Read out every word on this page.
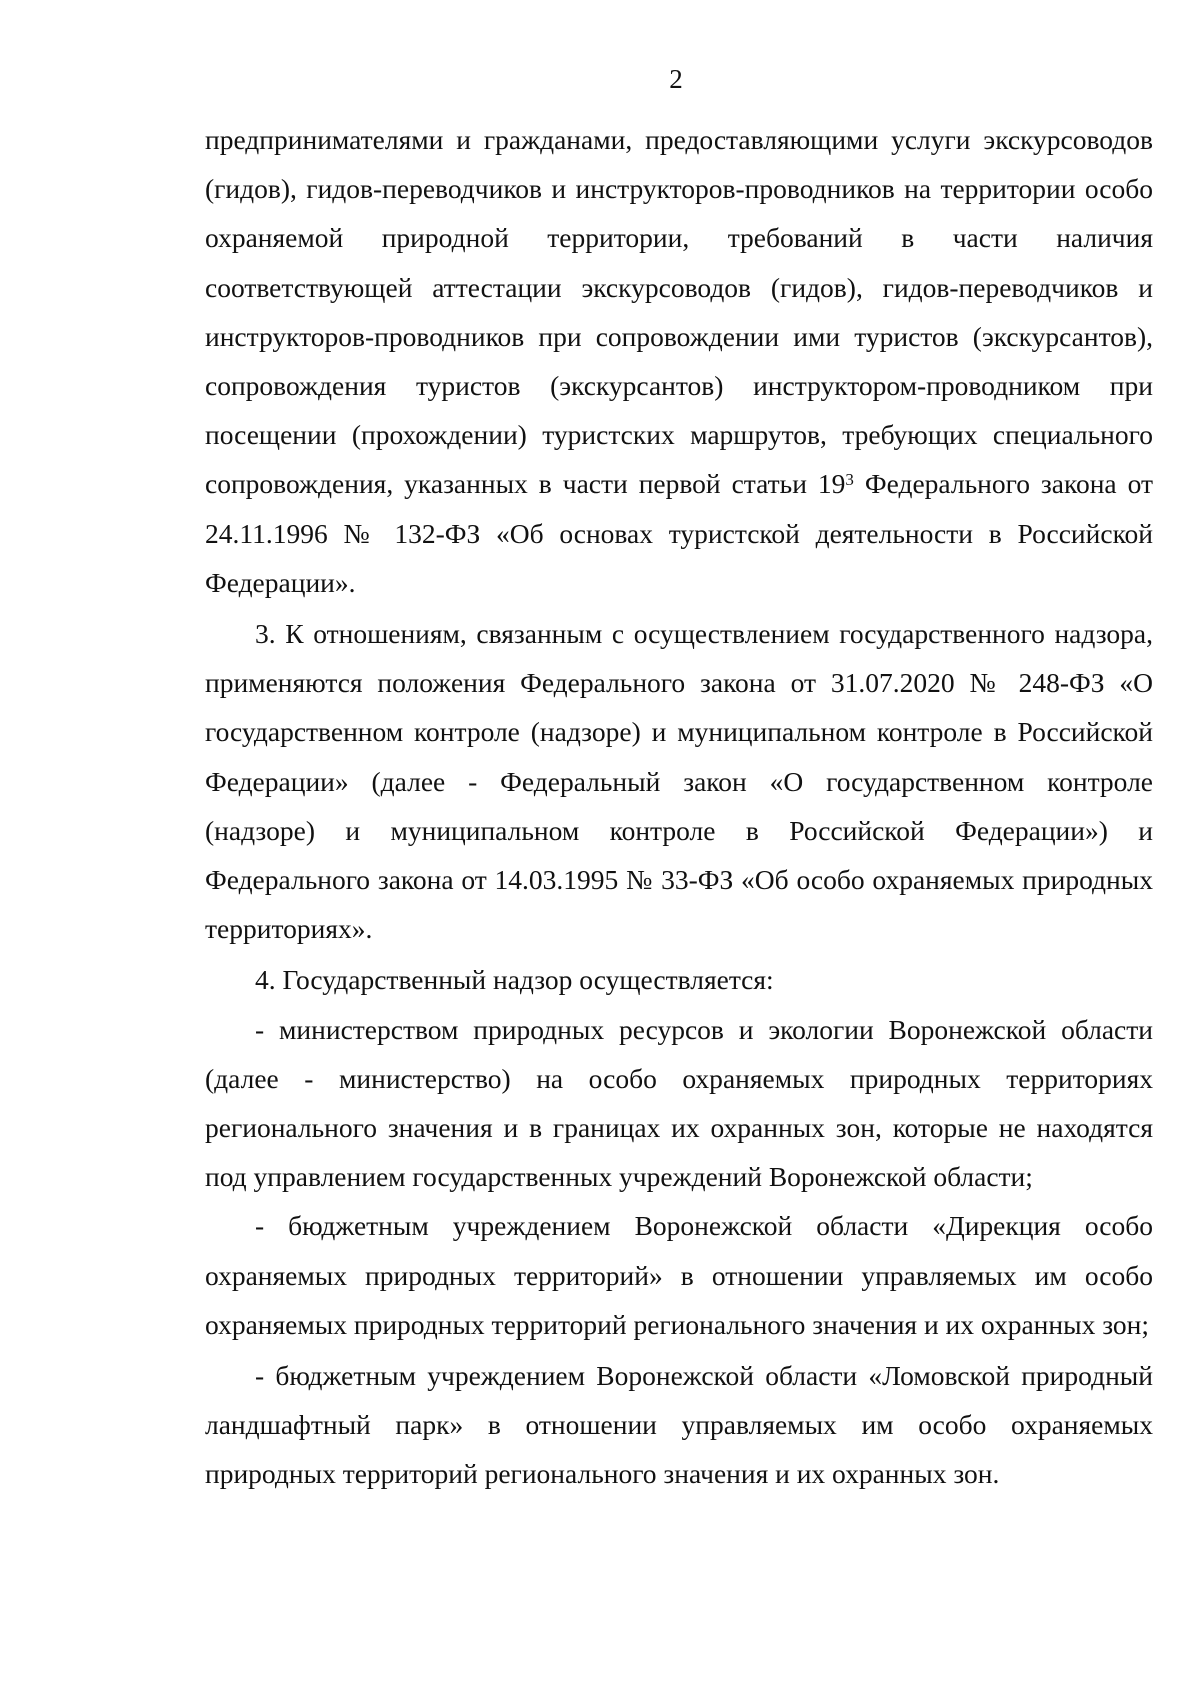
2

предпринимателями и гражданами, предоставляющими услуги экскурсоводов (гидов), гидов-переводчиков и инструкторов-проводников на территории особо охраняемой природной территории, требований в части наличия соответствующей аттестации экскурсоводов (гидов), гидов-переводчиков и инструкторов-проводников при сопровождении ими туристов (экскурсантов), сопровождения туристов (экскурсантов) инструктором-проводником при посещении (прохождении) туристских маршрутов, требующих специального сопровождения, указанных в части первой статьи $19^3$ Федерального закона от 24.11.1996 № 132-ФЗ «Об основах туристской деятельности в Российской Федерации».

3. К отношениям, связанным с осуществлением государственного надзора, применяются положения Федерального закона от 31.07.2020 № 248-ФЗ «О государственном контроле (надзоре) и муниципальном контроле в Российской Федерации» (далее - Федеральный закон «О государственном контроле (надзоре) и муниципальном контроле в Российской Федерации») и Федерального закона от 14.03.1995 № 33-ФЗ «Об особо охраняемых природных территориях».

4. Государственный надзор осуществляется:

- министерством природных ресурсов и экологии Воронежской области (далее - министерство) на особо охраняемых природных территориях регионального значения и в границах их охранных зон, которые не находятся под управлением государственных учреждений Воронежской области;

- бюджетным учреждением Воронежской области «Дирекция особо охраняемых природных территорий» в отношении управляемых им особо охраняемых природных территорий регионального значения и их охранных зон;

- бюджетным учреждением Воронежской области «Ломовской природный ландшафтный парк» в отношении управляемых им особо охраняемых природных территорий регионального значения и их охранных зон.
